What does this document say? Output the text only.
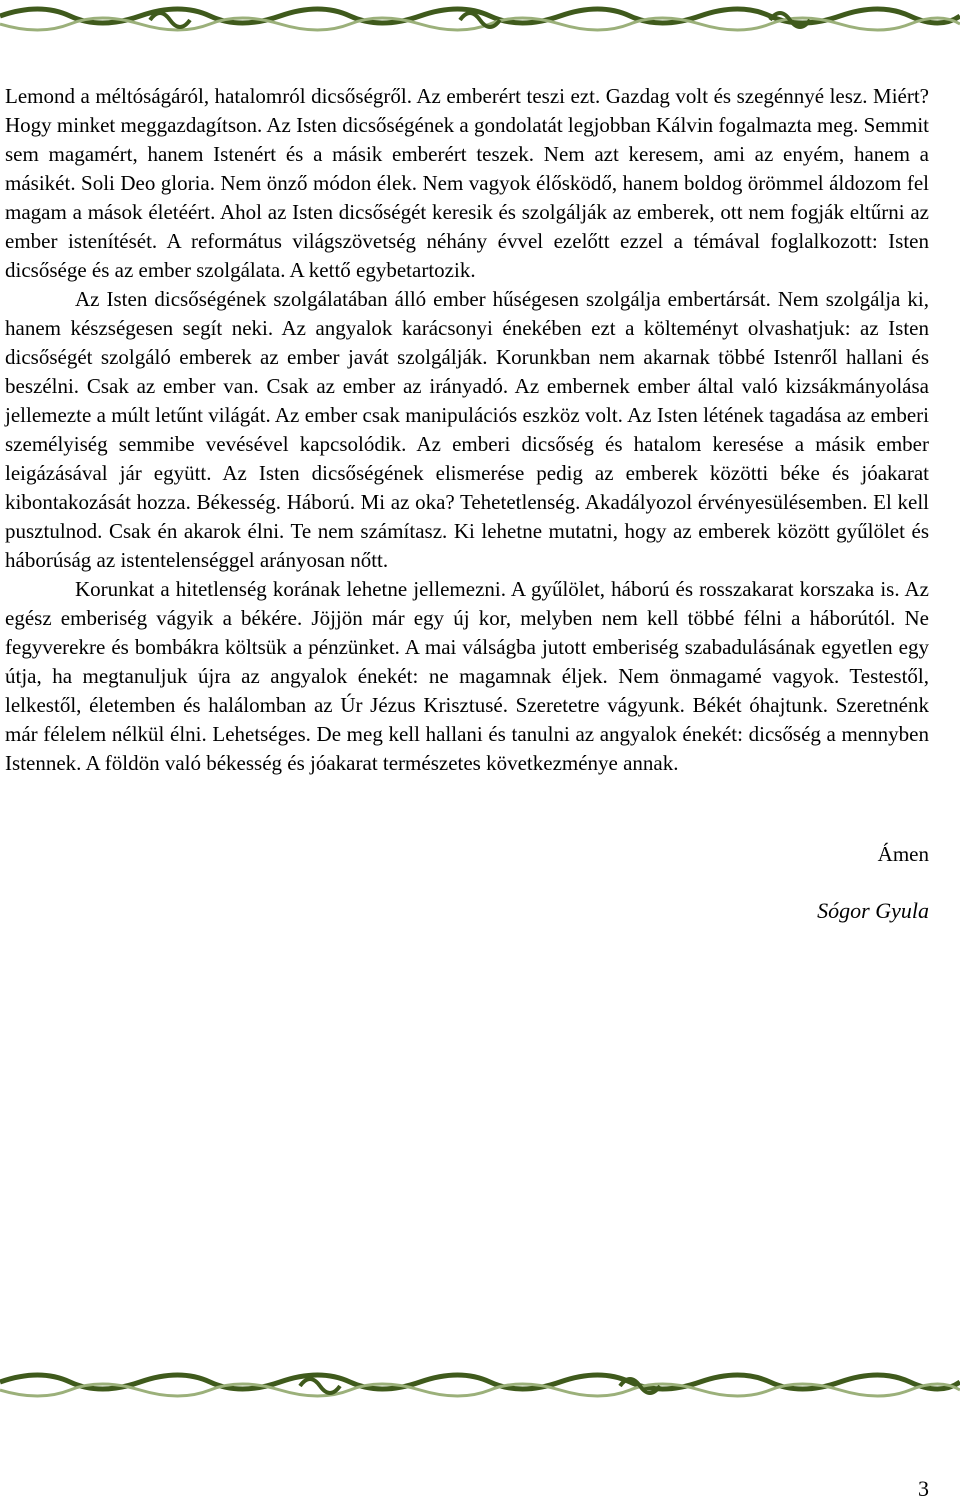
Lemond a méltóságáról, hatalomról dicsőségről. Az emberért teszi ezt. Gazdag volt és szegénnyé lesz. Miért? Hogy minket meggazdagítson. Az Isten dicsőségének a gondolatát legjobban Kálvin fogalmazta meg. Semmit sem magamért, hanem Istenért és a másik emberért teszek. Nem azt keresem, ami az enyém, hanem a másikét. Soli Deo gloria. Nem önző módon élek. Nem vagyok élősködő, hanem boldog örömmel áldozom fel magam a mások életéért. Ahol az Isten dicsőségét keresik és szolgálják az emberek, ott nem fogják eltűrni az ember istenítését. A református világszövetség néhány évvel ezelőtt ezzel a témával foglalkozott: Isten dicsősége és az ember szolgálata. A kettő egybetartozik.

Az Isten dicsőségének szolgálatában álló ember hűségesen szolgálja embertársát. Nem szolgálja ki, hanem készségesen segít neki. Az angyalok karácsonyi énekében ezt a költeményt olvashatjuk: az Isten dicsőségét szolgáló emberek az ember javát szolgálják. Korunkban nem akarnak többé Istenről hallani és beszélni. Csak az ember van. Csak az ember az irányadó. Az embernek ember által való kizsákmányolása jellemezte a múlt letűnt világát. Az ember csak manipulációs eszköz volt. Az Isten létének tagadása az emberi személyiség semmibe vevésével kapcsolódik. Az emberi dicsőség és hatalom keresése a másik ember leigázásával jár együtt. Az Isten dicsőségének elismerése pedig az emberek közötti béke és jóakarat kibontakozását hozza. Békesség. Háború. Mi az oka? Tehetetlenség. Akadályozol érvényesülésemben. El kell pusztulnod. Csak én akarok élni. Te nem számítasz. Ki lehetne mutatni, hogy az emberek között gyűlölet és háborúság az istentelenséggel arányosan nőtt.

Korunkat a hitetlenség korának lehetne jellemezni. A gyűlölet, háború és rosszakarat korszaka is. Az egész emberiség vágyik a békére. Jöjjön már egy új kor, melyben nem kell többé félni a háborútól. Ne fegyverekre és bombákra költsük a pénzünket. A mai válságba jutott emberiség szabadulásának egyetlen egy útja, ha megtanuljuk újra az angyalok énekét: ne magamnak éljek. Nem önmagamé vagyok. Testestől, lelkestől, életemben és halálomban az Úr Jézus Krisztusé. Szeretetre vágyunk. Békét óhajtunk. Szeretnénk már félelem nélkül élni. Lehetséges. De meg kell hallani és tanulni az angyalok énekét: dicsőség a mennyben Istennek. A földön való békesség és jóakarat természetes következménye annak.

Ámen
Sógor Gyula
3
